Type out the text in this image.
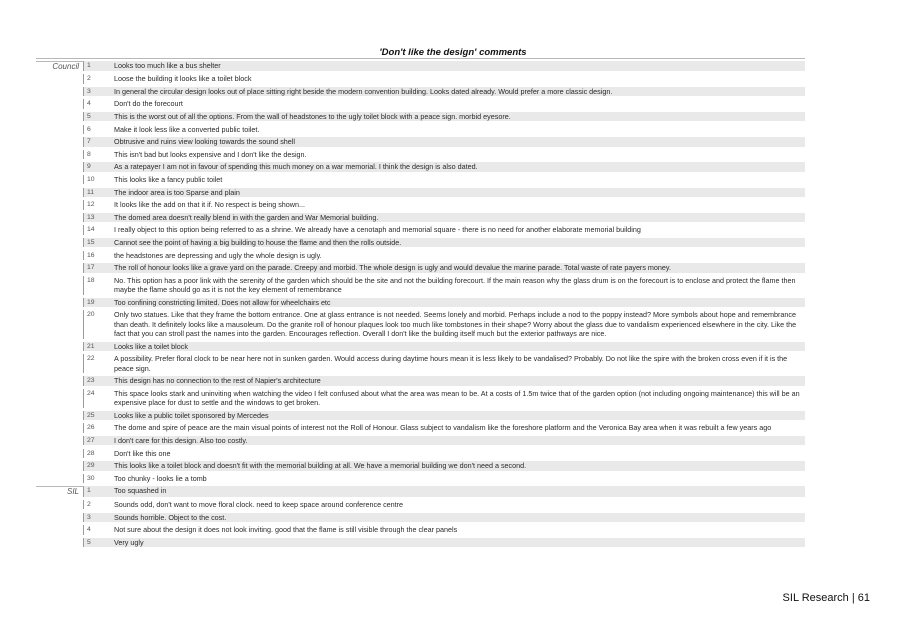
'Don't like the design' comments
Council	1	Looks too much like a bus shelter
2	Loose the building it looks like a toilet block
3	In general the circular design looks out of place sitting right beside the modern convention building. Looks dated already. Would prefer a more classic design.
4	Don't do the forecourt
5	This is the worst out of all the options. From the wall of headstones to the ugly toilet block with a peace sign. morbid eyesore.
6	Make it look less like a converted public toilet.
7	Obtrusive and ruins view looking towards the sound shell
8	This isn't bad but looks expensive and I don't like the design.
9	As a ratepayer I am not in favour of spending this much money on a war memorial. I think the design is also dated.
10	This looks like a fancy public toilet
11	The indoor area is too Sparse and plain
12	It looks like the add on that it if. No respect is being shown...
13	The domed area doesn't really blend in with the garden and War Memorial building.
14	I really object to this option being referred to as a shrine. We already have a cenotaph and memorial square - there is no need for another elaborate memorial building
15	Cannot see the point of having a big building to house the flame and then the rolls outside.
16	the headstones are depressing and ugly the whole design is ugly.
17	The roll of honour looks like a grave yard on the parade. Creepy and morbid. The whole design is ugly and would devalue the marine parade. Total waste of rate payers money.
18	No. This option has a poor link with the serenity of the garden which should be the site and not the building forecourt. If the main reason why the glass drum is on the forecourt is to enclose and protect the flame then maybe the flame should go as it is not the key element of remembrance
19	Too confining constricting limited. Does not allow for wheelchairs etc
20	Only two statues. Like that they frame the bottom entrance. One at glass entrance is not needed. Seems lonely and morbid. Perhaps include a nod to the poppy instead? More symbols about hope and remembrance than death. It definitely looks like a mausoleum. Do the granite roll of honour plaques look too much like tombstones in their shape? Worry about the glass due to vandalism experienced elsewhere in the city. Like the fact that you can stroll past the names into the garden. Encourages reflection. Overall I don't like the building itself much but the exterior pathways are nice.
21	Looks like a toilet block
22	A possibility. Prefer floral clock to be near here not in sunken garden. Would access during daytime hours mean it is less likely to be vandalised? Probably. Do not like the spire with the broken cross even if it is the peace sign.
23	This design has no connection to the rest of Napier's architecture
24	This space looks stark and uninviting when watching the video I felt confused about what the area was mean to be. At a costs of 1.5m twice that of the garden option (not including ongoing maintenance) this will be an expensive place for dust to settle and the windows to get broken.
25	Looks like a public toilet sponsored by Mercedes
26	The dome and spire of peace are the main visual points of interest not the Roll of Honour. Glass subject to vandalism like the foreshore platform and the Veronica Bay area when it was rebuilt a few years ago
27	I don't care for this design. Also too costly.
28	Don't like this one
29	This looks like a toilet block and doesn't fit with the memorial building at all. We have a memorial building we don't need a second.
30	Too chunky - looks lie a tomb
SIL	1	Too squashed in
2	Sounds odd, don't want to move floral clock. need to keep space around conference centre
3	Sounds horrible. Object to the cost.
4	Not sure about the design it does not look inviting. good that the flame is still visible through the clear panels
5	Very ugly
SIL Research | 61
